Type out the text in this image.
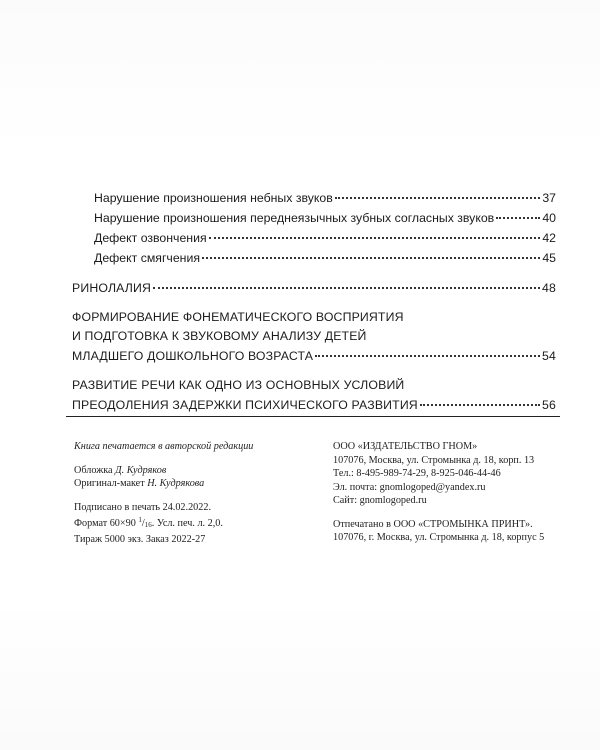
Нарушение произношения небных звуков	37
Нарушение произношения переднеязычных зубных согласных звуков	40
Дефект озвончения	42
Дефект смягчения	45
РИНОЛАЛИЯ	48
ФОРМИРОВАНИЕ ФОНЕМАТИЧЕСКОГО ВОСПРИЯТИЯ
И ПОДГОТОВКА К ЗВУКОВОМУ АНАЛИЗУ ДЕТЕЙ
МЛАДШЕГО ДОШКОЛЬНОГО ВОЗРАСТА	54
РАЗВИТИЕ РЕЧИ КАК ОДНО ИЗ ОСНОВНЫХ УСЛОВИЙ
ПРЕОДОЛЕНИЯ ЗАДЕРЖКИ ПСИХИЧЕСКОГО РАЗВИТИЯ	56
Книга печатается в авторской редакции
Обложка Д. Кудряков
Оригинал-макет Н. Кудрякова
Подписано в печать 24.02.2022.
Формат 60×90 $^1/_{16}$. Усл. печ. л. 2,0.
Тираж 5000 экз. Заказ 2022-27
ООО «ИЗДАТЕЛЬСТВО ГНОМ»
107076, Москва, ул. Стромынка д. 18, корп. 13
Тел.: 8-495-989-74-29, 8-925-046-44-46
Эл. почта: gnomlogoped@yandex.ru
Сайт: gnomlogoped.ru
Отпечатано в ООО «СТРОМЫНКА ПРИНТ».
107076, г. Москва, ул. Стромынка д. 18, корпус 5
